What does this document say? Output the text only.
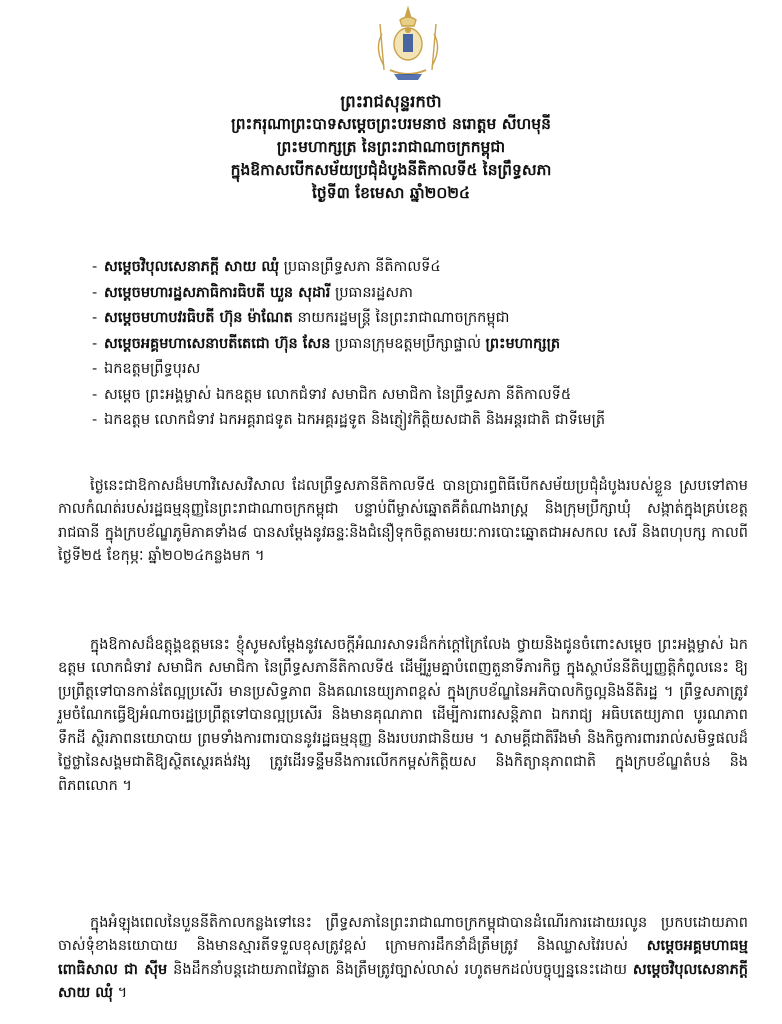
ព្រះរាជសុន្ទរកថា
ព្រះករុណាព្រះបាទសម្តេចព្រះបរមនាថ នរោត្តម សីហមុនី
ព្រះមហាក្សត្រ នៃព្រះរាជាណាចក្រកម្ពុជា
ក្នុងឱកាសបើកសម័យប្រជុំដំបូងនីតិកាលទី៥ នៃព្រឹទ្ធសភា
ថ្ងៃទី៣ ខែមេសា ឆ្នាំ២០២៤
- សម្ដេចវិបុលសេនាភក្ដី សាយ ឈុំ ប្រធានព្រឹទ្ធសភា នីតិកាលទី៤
- សម្ដេចមហារដ្ឋសភាធិការធិបតី ឃួន សុដារី ប្រធានរដ្ឋសភា
- សម្ដេចមហាបវរធិបតី ហ៊ុន ម៉ាណែត នាយករដ្ឋមន្ត្រី នៃព្រះរាជាណាចក្រកម្ពុជា
- សម្ដេចអគ្គមហាសេនាបតីតេជោ ហ៊ុន សែន ប្រធានក្រុមឧត្តមប្រឹក្សាផ្ទាល់ ព្រះមហាក្សត្រ
- ឯកឧត្តមព្រឹទ្ធបុរស
- សម្ដេច ព្រះអង្គម្ចាស់ ឯកឧត្តម លោកជំទាវ សមាជិក សមាជិកា នៃព្រឹទ្ធសភា នីតិកាលទី៥
- ឯកឧត្តម លោកជំទាវ ឯកអគ្គរាជទូត ឯកអគ្គរដ្ឋទូត និងភ្ញៀវកិត្តិយសជាតិ និងអន្តរជាតិ ជាទីមេត្រី

ថ្ងៃនេះជាឱកាសដ៏មហាវិសេសវិសាល ដែលព្រឹទ្ធសភានីតិកាលទី៥ បានប្រារព្ធពិធីបើកសម័យប្រជុំដំបូងរបស់ខ្លួន ស្របទៅតាមកាលកំណត់របស់រដ្ឋធម្មនុញ្ញនៃព្រះរាជាណាចក្រកម្ពុជា បន្ទាប់ពីម្ចាស់ឆ្នោតគឺតំណាងរាស្ត្រ និងក្រុមប្រឹក្សាឃុំ សង្កាត់ក្នុងគ្រប់ខេត្តរាជធានី ក្នុងក្របខ័ណ្ឌភូមិភាគទាំង៨ បានសម្ដែងនូវឆន្ទៈនិងជំនឿទុកចិត្តតាមរយៈការបោះឆ្នោតជាអសកល សេរី និងពហុបក្ស កាលពីថ្ងៃទី២៥ ខែកុម្ភៈ ឆ្នាំ២០២៤កន្លងមក ។

ក្នុងឱកាសដ៏ឧត្តុង្គឧត្តមនេះ ខ្ញុំសូមសម្ដែងនូវសេចក្ដីអំណរសាទរដ៏កក់ក្ដៅក្រៃលែង ថ្វាយនិងជូនចំពោះសម្ដេច ព្រះអង្គម្ចាស់ ឯកឧត្តម លោកជំទាវ សមាជិក សមាជិកា នៃព្រឹទ្ធសភានីតិកាលទី៥ ដើម្បីរួមគ្នាបំពេញតួនាទីភារកិច្ច ក្នុងស្ថាប័ននីតិប្បញ្ញត្តិកំពូលនេះ ឱ្យប្រព្រឹត្តទៅបានកាន់តែល្អប្រសើរ មានប្រសិទ្ធភាព និងគណនេយ្យភាពខ្ពស់ ក្នុងក្របខ័ណ្ឌនៃអភិបាលកិច្ចល្អនិងនីតិរដ្ឋ ។ ព្រឹទ្ធសភាត្រូវរួមចំណែកធ្វើឱ្យអំណាចរដ្ឋប្រព្រឹត្តទៅបានល្អប្រសើរ និងមានគុណភាព ដើម្បីការពារសន្តិភាព ឯករាជ្យ អធិបតេយ្យភាព បូរណភាពទឹកដី ស្ថិរភាពនយោបាយ ព្រមទាំងការពារបាននូវរដ្ឋធម្មនុញ្ញ និងរបបរាជានិយម ។ សាមគ្គីជាតិរឹងមាំ និងកិច្ចការពាររាល់សមិទ្ធផលដ៏ថ្លៃថ្លានៃសង្គមជាតិឱ្យស្ថិតស្ថេរគង់វង្ស ត្រូវដើរទន្ទឹមនឹងការលើកកម្ពស់កិត្តិយស និងកិត្យានុភាពជាតិ ក្នុងក្របខ័ណ្ឌតំបន់ និងពិភពលោក ។

ក្នុងអំឡុងពេលនៃបួននីតិកាលកន្លងទៅនេះ ព្រឹទ្ធសភានៃព្រះរាជាណាចក្រកម្ពុជាបានដំណើរការដោយរលូន ប្រកបដោយភាពចាស់ទុំខាងនយោបាយ និងមានស្មារតីទទួលខុសត្រូវខ្ពស់ ក្រោមការដឹកនាំដ៏ត្រឹមត្រូវ និងឈ្លាសវៃរបស់ សម្តេចអគ្គមហាធម្មពោធិសាល ជា ស៊ីម និងដឹកនាំបន្តដោយភាពវៃឆ្លាត និងត្រឹមត្រូវច្បាស់លាស់ រហូតមកដល់បច្ចុប្បន្ននេះដោយ សម្តេចវិបុលសេនាភក្តី សាយ ឈុំ ។
